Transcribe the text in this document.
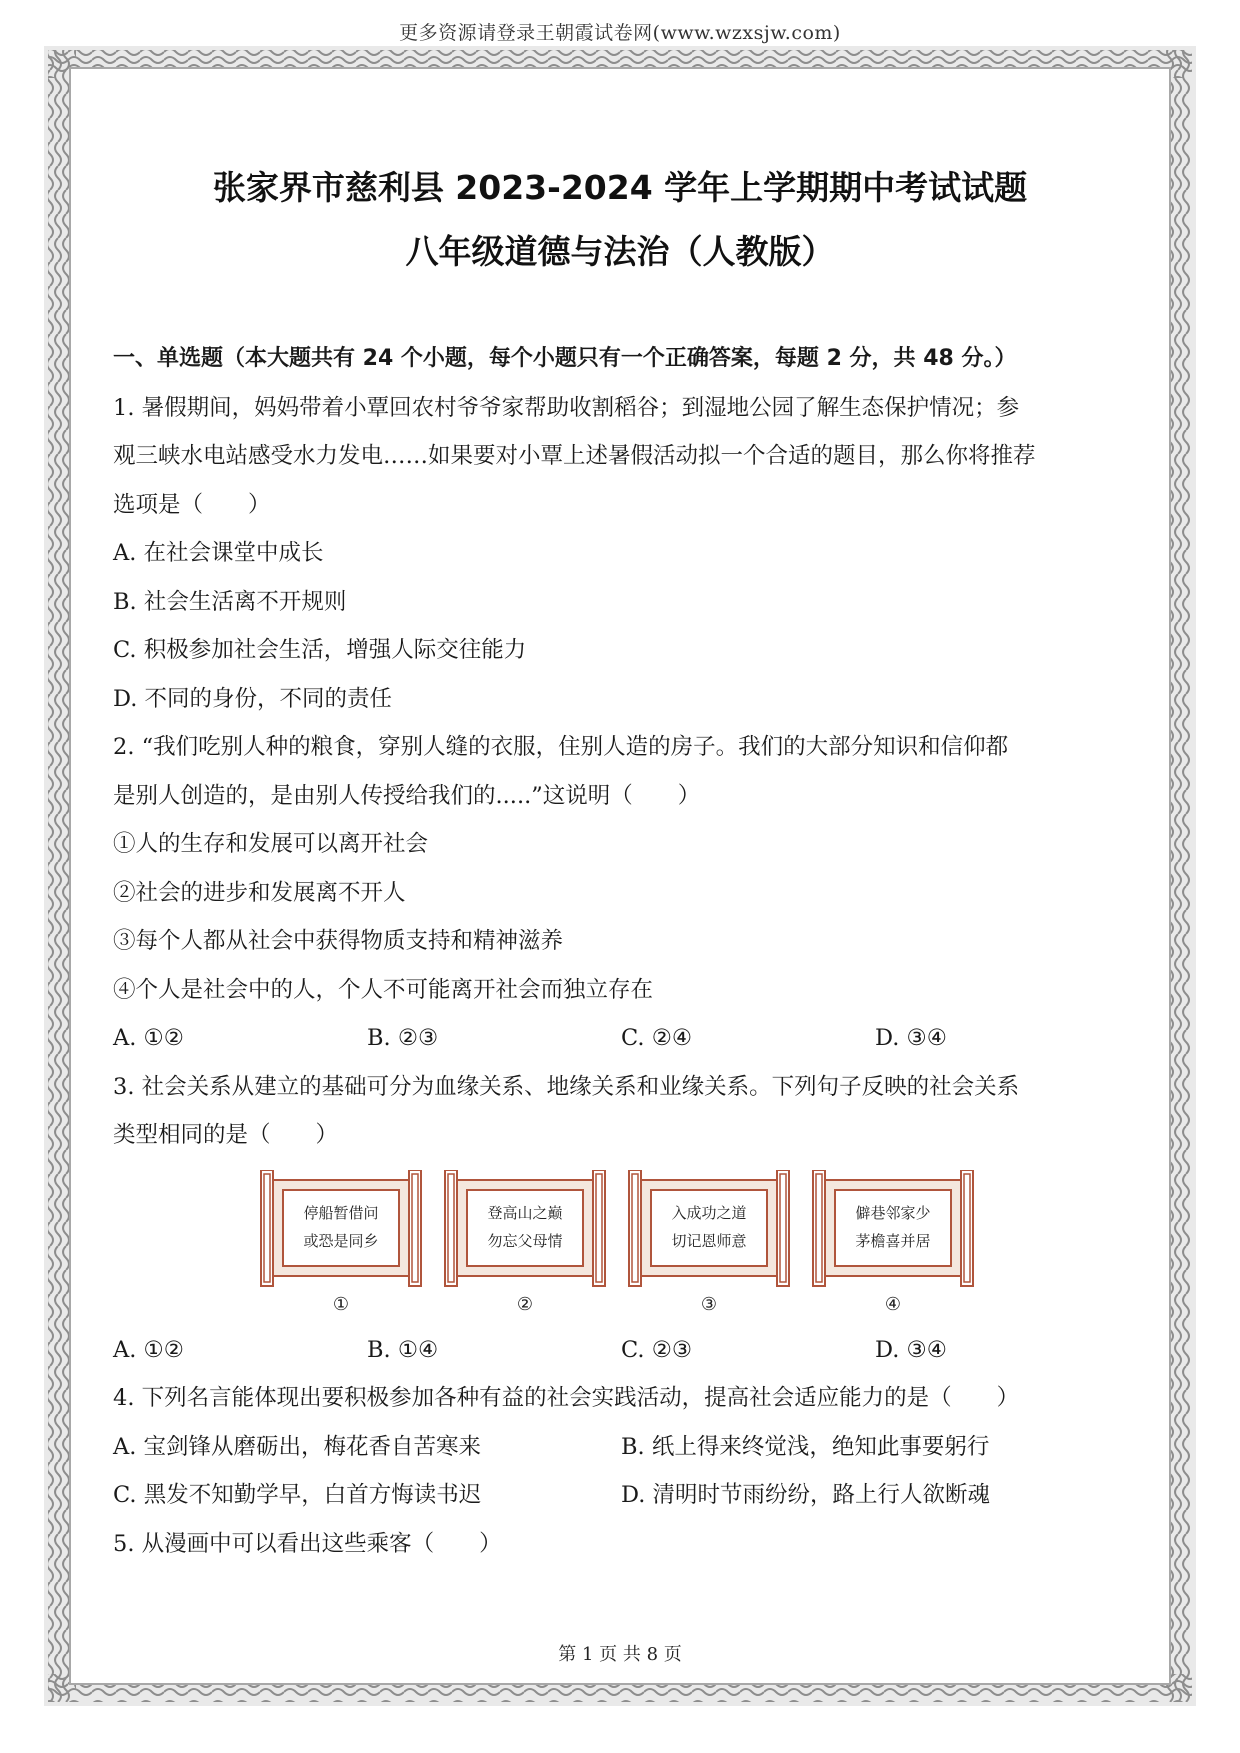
更多资源请登录王朝霞试卷网(www.wzxsjw.com)
张家界市慈利县 2023-2024 学年上学期期中考试试题
八年级道德与法治（人教版）
一、单选题（本大题共有 24 个小题，每个小题只有一个正确答案，每题 2 分，共 48 分。）
1. 暑假期间，妈妈带着小覃回农村爷爷家帮助收割稻谷；到湿地公园了解生态保护情况；参
观三峡水电站感受水力发电……如果要对小覃上述暑假活动拟一个合适的题目，那么你将推荐
选项是（　　）
A. 在社会课堂中成长
B. 社会生活离不开规则
C. 积极参加社会生活，增强人际交往能力
D. 不同的身份，不同的责任
2. “我们吃别人种的粮食，穿别人缝的衣服，住别人造的房子。我们的大部分知识和信仰都
是别人创造的，是由别人传授给我们的.....”这说明（　　）
①人的生存和发展可以离开社会
②社会的进步和发展离不开人
③每个人都从社会中获得物质支持和精神滋养
④个人是社会中的人，个人不可能离开社会而独立存在
A. ①②	B. ②③	C. ②④	D. ③④
3. 社会关系从建立的基础可分为血缘关系、地缘关系和业缘关系。下列句子反映的社会关系
类型相同的是（　　）
停船暂借问
或恐是同乡
①
登高山之巅
勿忘父母情
②
入成功之道
切记恩师意
③
僻巷邻家少
茅檐喜并居
④
A. ①②	B. ①④	C. ②③	D. ③④
4. 下列名言能体现出要积极参加各种有益的社会实践活动，提高社会适应能力的是（　　）
A. 宝剑锋从磨砺出，梅花香自苦寒来	B. 纸上得来终觉浅，绝知此事要躬行
C. 黑发不知勤学早，白首方悔读书迟	D. 清明时节雨纷纷，路上行人欲断魂
5. 从漫画中可以看出这些乘客（　　）
第 1 页 共 8 页
